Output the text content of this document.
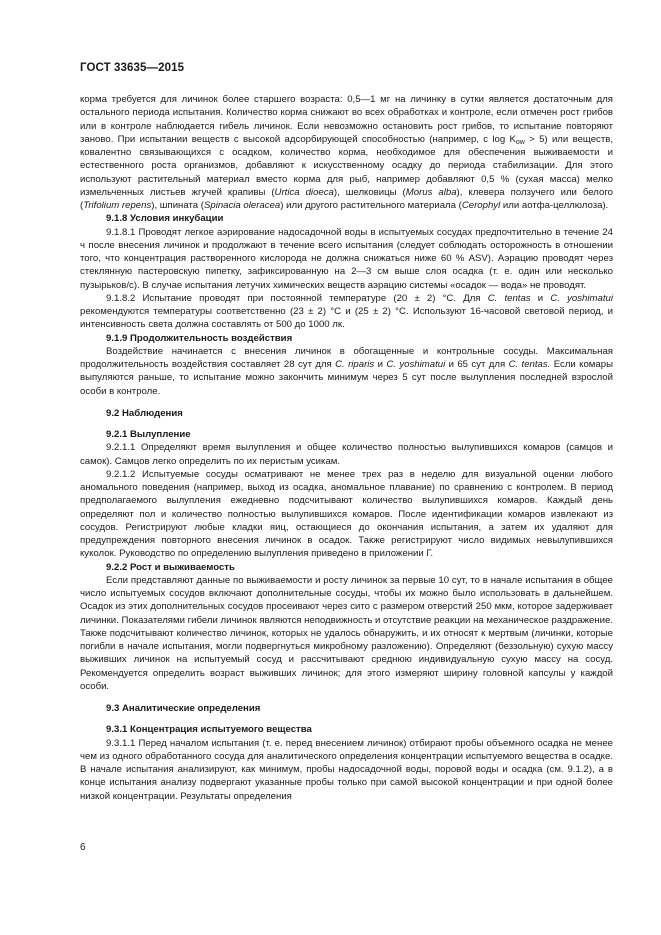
ГОСТ 33635—2015

корма требуется для личинок более старшего возраста: 0,5—1 мг на личинку в сутки является достаточным для остального периода испытания. Количество корма снижают во всех обработках и контроле, если отмечен рост грибов или в контроле наблюдается гибель личинок. Если невозможно остановить рост грибов, то испытание повторяют заново. При испытании веществ с высокой адсорбирующей способностью (например, c $\log K_{ow} > 5$) или веществ, ковалентно связывающихся с осадком, количество корма, необходимое для обеспечения выживаемости и естественного роста организмов, добавляют к искусственному осадку до периода стабилизации. Для этого используют растительный материал вместо корма для рыб, например добавляют 0,5 % (сухая масса) мелко измельченных листьев жгучей крапивы (Urtica dioeca), шелковицы (Morus alba), клевера ползучего или белого (Trifolium repens), шпината (Spinacia oleracea) или другого растительного материала (Cerophyl или аотфа-целлюлоза).

9.1.8 Условия инкубации

9.1.8.1 Проводят легкое аэрирование надосадочной воды в испытуемых сосудах предпочтительно в течение 24 ч после внесения личинок и продолжают в течение всего испытания (следует соблюдать осторожность в отношении того, что концентрация растворенного кислорода не должна снижаться ниже 60 % ASV). Аэрацию проводят через стеклянную пастеровскую пипетку, зафиксированную на 2—3 см выше слоя осадка (т. е. один или несколько пузырьков/с). В случае испытания летучих химических веществ аэрацию системы «осадок — вода» не проводят.

9.1.8.2 Испытание проводят при постоянной температуре (20 ± 2) °С. Для C. tentas и C. yoshimatui рекомендуются температуры соответственно (23 ± 2) °С и (25 ± 2) °С. Используют 16-часовой световой период, и интенсивность света должна составлять от 500 до 1000 лк.

9.1.9 Продолжительность воздействия

Воздействие начинается с внесения личинок в обогащенные и контрольные сосуды. Максимальная продолжительность воздействия составляет 28 сут для C. riparis и C. yoshimatui и 65 сут для C. tentas. Если комары выпуляются раньше, то испытание можно закончить минимум через 5 сут после вылупления последней взрослой особи в контроле.

9.2 Наблюдения

9.2.1 Вылупление

9.2.1.1 Определяют время вылупления и общее количество полностью вылупившихся комаров (самцов и самок). Самцов легко определить по их перистым усикам.

9.2.1.2 Испытуемые сосуды осматривают не менее трех раз в неделю для визуальной оценки любого аномального поведения (например, выход из осадка, аномальное плавание) по сравнению с контролем. В период предполагаемого вылупления ежедневно подсчитывают количество вылупившихся комаров. Каждый день определяют пол и количество полностью вылупившихся комаров. После идентификации комаров извлекают из сосудов. Регистрируют любые кладки яиц, остающиеся до окончания испытания, а затем их удаляют для предупреждения повторного внесения личинок в осадок. Также регистрируют число видимых невылупившихся куколок. Руководство по определению вылупления приведено в приложении Г.

9.2.2 Рост и выживаемость

Если представляют данные по выживаемости и росту личинок за первые 10 сут, то в начале испытания в общее число испытуемых сосудов включают дополнительные сосуды, чтобы их можно было использовать в дальнейшем. Осадок из этих дополнительных сосудов просеивают через сито с размером отверстий 250 мкм, которое задерживает личинки. Показателями гибели личинок являются неподвижность и отсутствие реакции на механическое раздражение. Также подсчитывают количество личинок, которых не удалось обнаружить, и их относят к мертвым (личинки, которые погибли в начале испытания, могли подвергнуться микробному разложению). Определяют (беззольную) сухую массу выживших личинок на испытуемый сосуд и рассчитывают среднюю индивидуальную сухую массу на сосуд. Рекомендуется определить возраст выживших личинок; для этого измеряют ширину головной капсулы у каждой особи.

9.3 Аналитические определения

9.3.1 Концентрация испытуемого вещества

9.3.1.1 Перед началом испытания (т. е. перед внесением личинок) отбирают пробы объемного осадка не менее чем из одного обработанного сосуда для аналитического определения концентрации испытуемого вещества в осадке. В начале испытания анализируют, как минимум, пробы надосадочной воды, поровой воды и осадка (см. 9.1.2), а в конце испытания анализу подвергают указанные пробы только при самой высокой концентрации и при одной более низкой концентрации. Результаты определения

6
